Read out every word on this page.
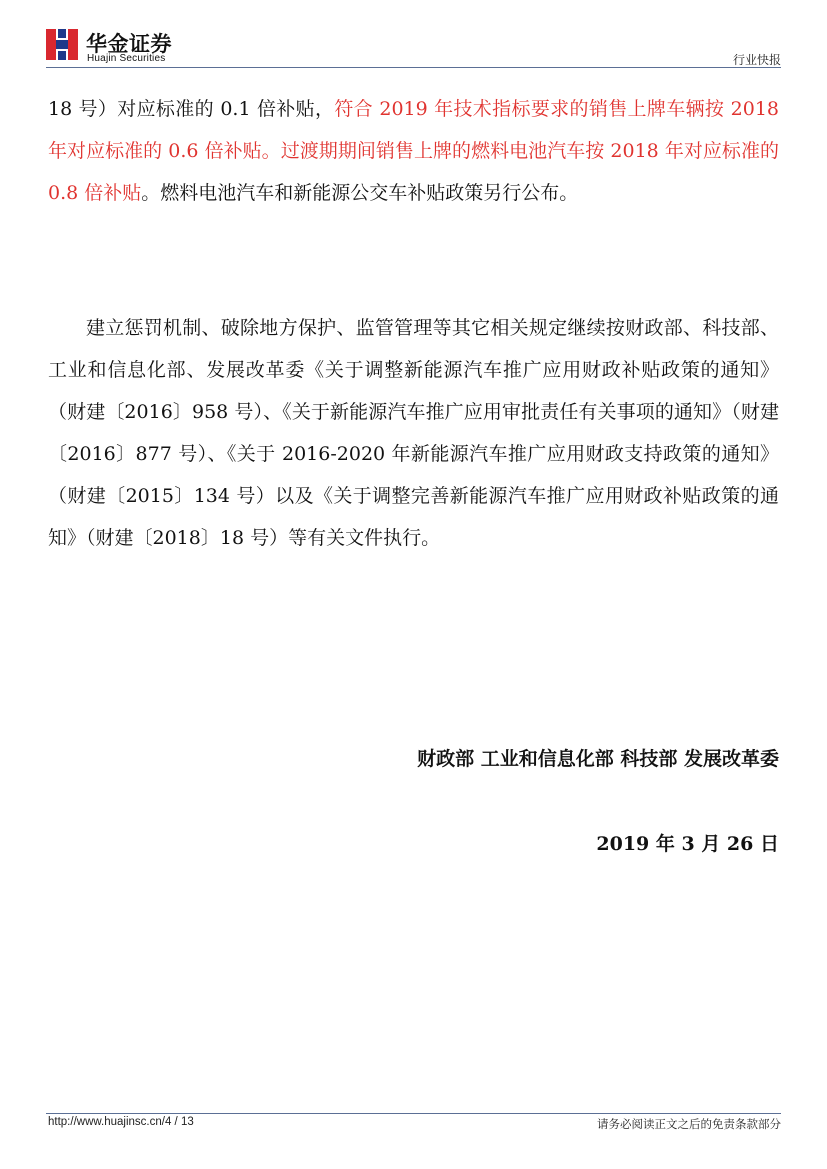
华金证券
Huajin Securities	行业快报
18 号）对应标准的 0.1 倍补贴，符合 2019 年技术指标要求的销售上牌车辆按 2018 年对应标准的 0.6 倍补贴。过渡期期间销售上牌的燃料电池汽车按 2018 年对应标准的 0.8 倍补贴。燃料电池汽车和新能源公交车补贴政策另行公布。
建立惩罚机制、破除地方保护、监管管理等其它相关规定继续按财政部、科技部、工业和信息化部、发展改革委《关于调整新能源汽车推广应用财政补贴政策的通知》（财建〔2016〕958 号）、《关于新能源汽车推广应用审批责任有关事项的通知》（财建〔2016〕877 号）、《关于 2016-2020 年新能源汽车推广应用财政支持政策的通知》（财建〔2015〕134 号）以及《关于调整完善新能源汽车推广应用财政补贴政策的通知》（财建〔2018〕18 号）等有关文件执行。
财政部 工业和信息化部 科技部 发展改革委
2019 年 3 月 26 日
http://www.huajinsc.cn/4 / 13	请务必阅读正文之后的免责条款部分
